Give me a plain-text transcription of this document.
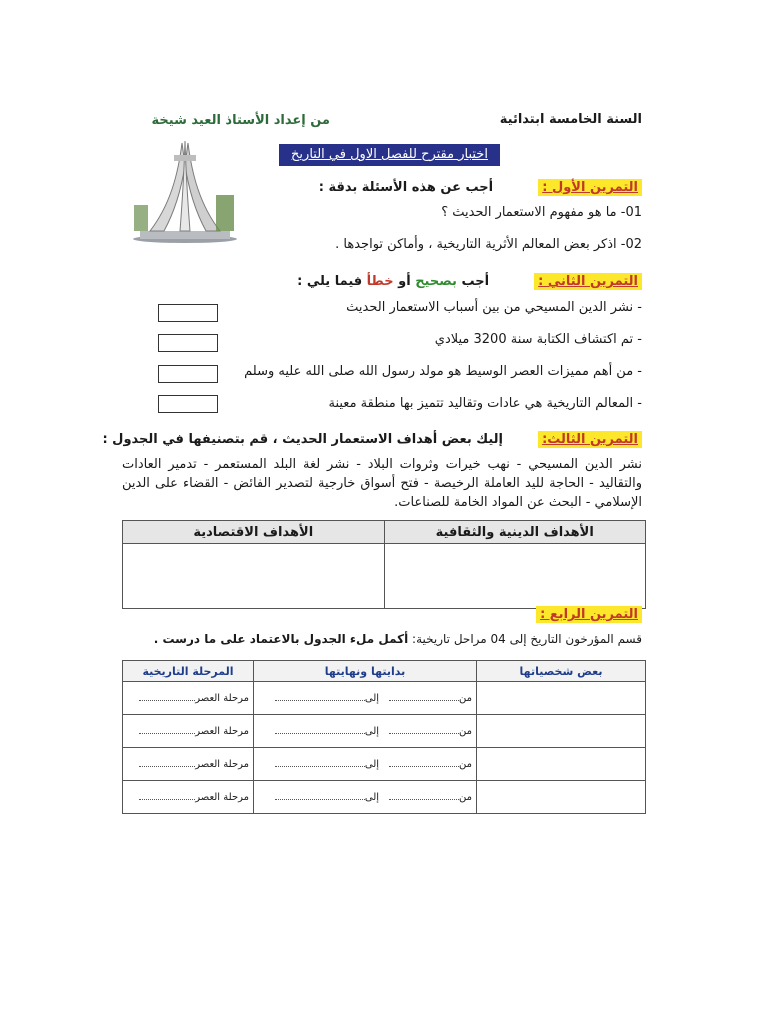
من إعداد الأستاذ العيد شيخة	السنة الخامسة ابتدائية
اختبار مقترح للفصل الاول في التاريخ
التمرين الأول : أجب عن هذه الأسئلة بدقة :
01- ما هو مفهوم الاستعمار الحديث ؟
02- اذكر بعض المعالم الأثرية التاريخية ، وأماكن تواجدها .
التمرين الثاني : أجب بصحيح أو خطأ فيما يلي :
- نشر الدين المسيحي من بين أسباب الاستعمار الحديث
- تم اكتشاف الكتابة سنة 3200 ميلادي
- من أهم مميزات العصر الوسيط هو مولد رسول الله صلى الله عليه وسلم
- المعالم التاريخية هي عادات وتقاليد تتميز بها منطقة معينة
التمرين الثالث: إليك بعض أهداف الاستعمار الحديث ، قم بتصنيفها في الجدول :
نشر الدين المسيحي - نهب خيرات وثروات البلاد - نشر لغة البلد المستعمر - تدمير العادات والتقاليد - الحاجة لليد العاملة الرخيصة - فتح أسواق خارجية لتصدير الفائض - القضاء على الدين الإسلامي - البحث عن المواد الخامة للصناعات.
الأهداف الاقتصادية	الأهداف الدينية والثقافية

التمرين الرابع :
قسم المؤرخون التاريخ إلى 04 مراحل تاريخية: أكمل ملء الجدول بالاعتماد على ما درست .
المرحلة التاريخية	بدايتها ونهايتها	بعض شخصياتها
مرحلة العصر	منإلى	
مرحلة العصر	منإلى	
مرحلة العصر	منإلى	
مرحلة العصر	منإلى	
